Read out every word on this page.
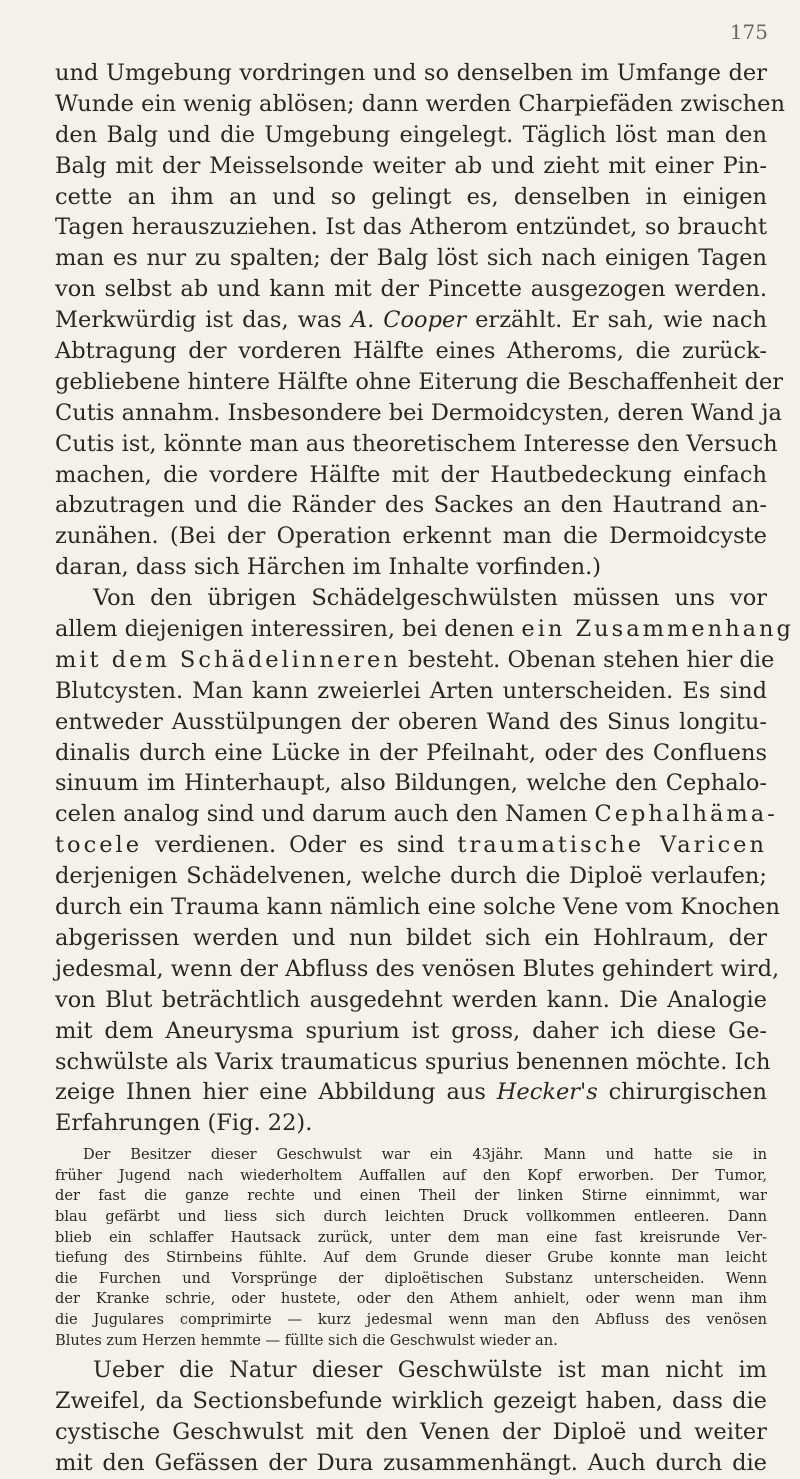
175
und Umgebung vordringen und so denselben im Umfange der
Wunde ein wenig ablösen; dann werden Charpiefäden zwischen
den Balg und die Umgebung eingelegt. Täglich löst man den
Balg mit der Meisselsonde weiter ab und zieht mit einer Pin-
cette an ihm an und so gelingt es, denselben in einigen
Tagen herauszuziehen. Ist das Atherom entzündet, so braucht
man es nur zu spalten; der Balg löst sich nach einigen Tagen
von selbst ab und kann mit der Pincette ausgezogen werden.
Merkwürdig ist das, was A. Cooper erzählt. Er sah, wie nach
Abtragung der vorderen Hälfte eines Atheroms, die zurück-
gebliebene hintere Hälfte ohne Eiterung die Beschaffenheit der
Cutis annahm. Insbesondere bei Dermoidcysten, deren Wand ja
Cutis ist, könnte man aus theoretischem Interesse den Versuch
machen, die vordere Hälfte mit der Hautbedeckung einfach
abzutragen und die Ränder des Sackes an den Hautrand an-
zunähen. (Bei der Operation erkennt man die Dermoidcyste
daran, dass sich Härchen im Inhalte vorfinden.)
Von den übrigen Schädelgeschwülsten müssen uns vor
allem diejenigen interessiren, bei denen ein Zusammenhang
mit dem Schädelinneren besteht. Obenan stehen hier die
Blutcysten. Man kann zweierlei Arten unterscheiden. Es sind
entweder Ausstülpungen der oberen Wand des Sinus longitu-
dinalis durch eine Lücke in der Pfeilnaht, oder des Confluens
sinuum im Hinterhaupt, also Bildungen, welche den Cephalo-
celen analog sind und darum auch den Namen Cephalhäma-
tocele verdienen. Oder es sind traumatische Varicen
derjenigen Schädelvenen, welche durch die Diploë verlaufen;
durch ein Trauma kann nämlich eine solche Vene vom Knochen
abgerissen werden und nun bildet sich ein Hohlraum, der
jedesmal, wenn der Abfluss des venösen Blutes gehindert wird,
von Blut beträchtlich ausgedehnt werden kann. Die Analogie
mit dem Aneurysma spurium ist gross, daher ich diese Ge-
schwülste als Varix traumaticus spurius benennen möchte. Ich
zeige Ihnen hier eine Abbildung aus Hecker's chirurgischen
Erfahrungen (Fig. 22).
Der Besitzer dieser Geschwulst war ein 43jähr. Mann und hatte sie in
früher Jugend nach wiederholtem Auffallen auf den Kopf erworben. Der Tumor,
der fast die ganze rechte und einen Theil der linken Stirne einnimmt, war
blau gefärbt und liess sich durch leichten Druck vollkommen entleeren. Dann
blieb ein schlaffer Hautsack zurück, unter dem man eine fast kreisrunde Ver-
tiefung des Stirnbeins fühlte. Auf dem Grunde dieser Grube konnte man leicht
die Furchen und Vorsprünge der diploëtischen Substanz unterscheiden. Wenn
der Kranke schrie, oder hustete, oder den Athem anhielt, oder wenn man ihm
die Jugulares comprimirte — kurz jedesmal wenn man den Abfluss des venösen
Blutes zum Herzen hemmte — füllte sich die Geschwulst wieder an.
Ueber die Natur dieser Geschwülste ist man nicht im
Zweifel, da Sectionsbefunde wirklich gezeigt haben, dass die
cystische Geschwulst mit den Venen der Diploë und weiter
mit den Gefässen der Dura zusammenhängt. Auch durch die
